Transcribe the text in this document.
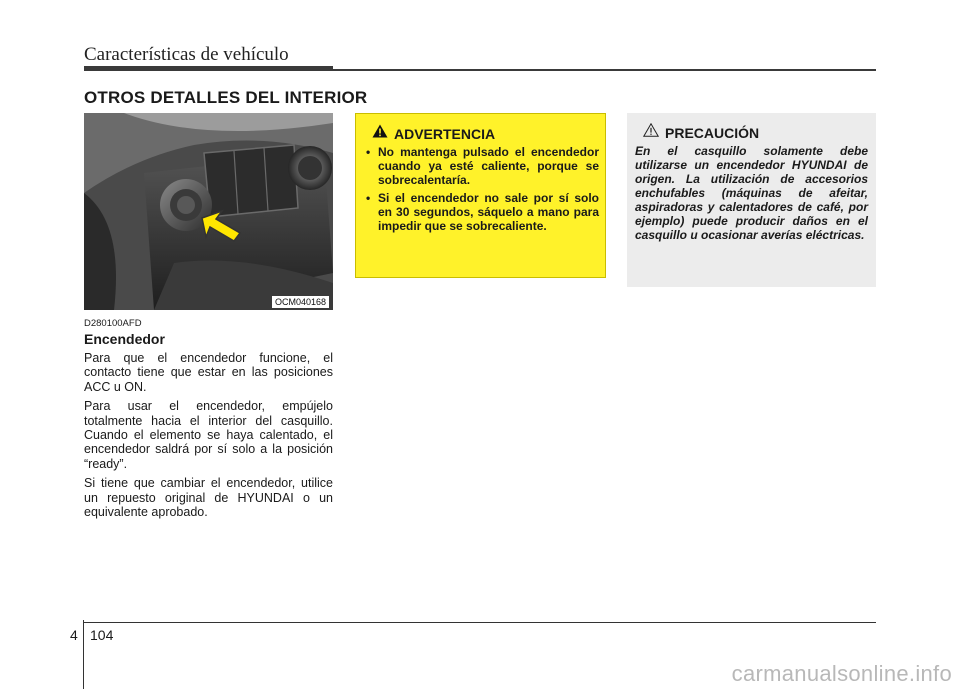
Características de vehículo
OTROS DETALLES DEL INTERIOR
OCM040168
D280100AFD
Encendedor

Para que el encendedor funcione, el contacto tiene que estar en las posiciones ACC u ON.

Para usar el encendedor, empújelo totalmente hacia el interior del casquillo. Cuando el elemento se haya calentado, el encendedor saldrá por sí solo a la posición “ready”.

Si tiene que cambiar el encendedor, utilice un repuesto original de HYUNDAI o un equivalente aprobado.

ADVERTENCIA
• No mantenga pulsado el encendedor cuando ya esté caliente, porque se sobrecalentaría.
• Si el encendedor no sale por sí solo en 30 segundos, sáquelo a mano para impedir que se sobrecaliente.
PRECAUCIÓN

En el casquillo solamente debe utilizarse un encendedor HYUNDAI de origen. La utilización de accesorios enchufables (máquinas de afeitar, aspiradoras y calentadores de café, por ejemplo) puede producir daños en el casquillo u ocasionar averías eléctricas.

4 104
carmanualsonline.info
